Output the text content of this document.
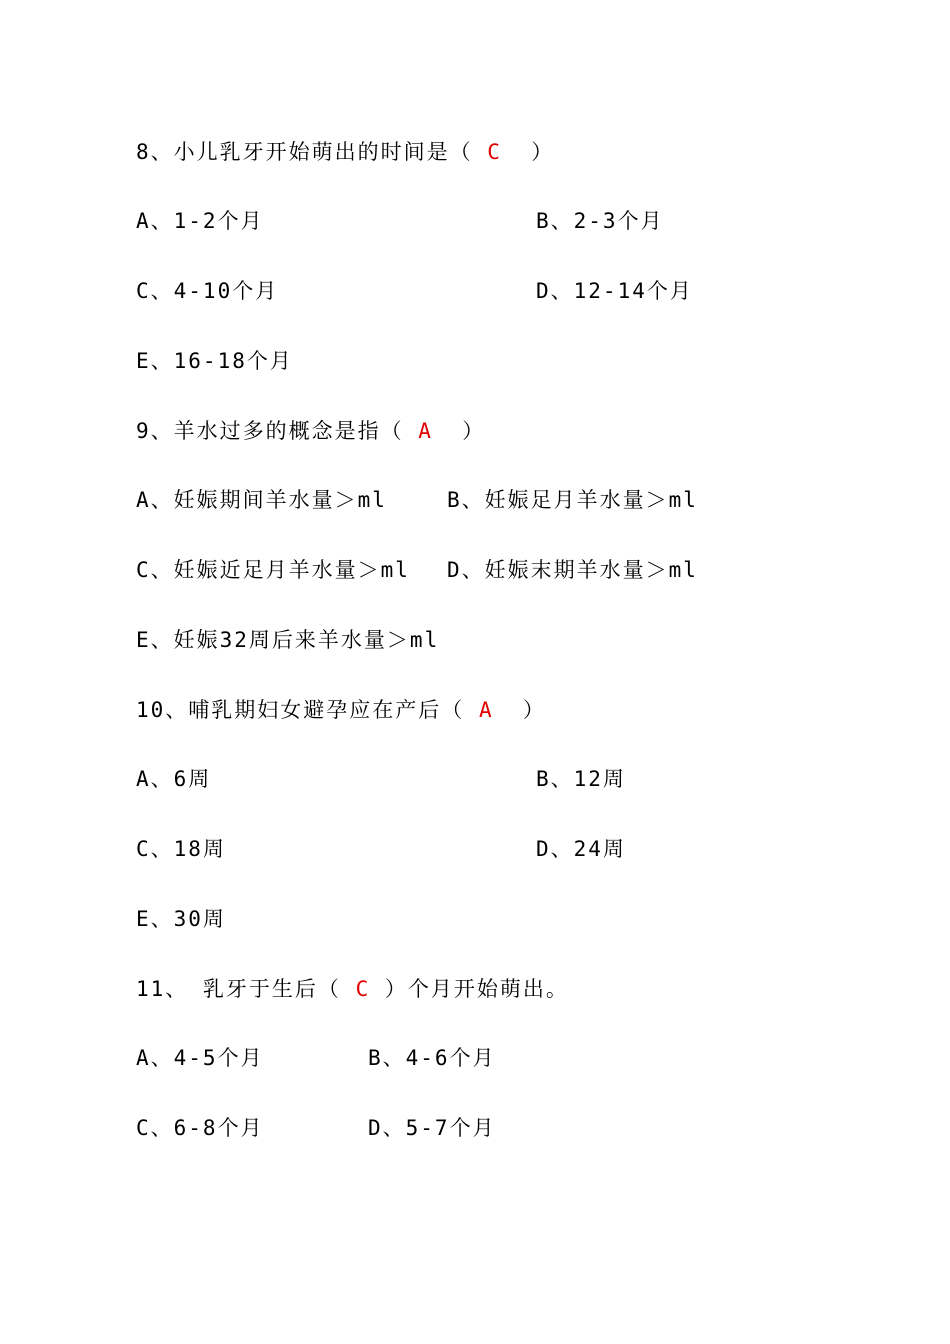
8、小儿乳牙开始萌出的时间是（ C  ）
A、1-2个月	B、2-3个月
C、4-10个月	D、12-14个月
E、16-18个月
9、羊水过多的概念是指（ A  ）
A、妊娠期间羊水量＞ml	B、妊娠足月羊水量＞ml
C、妊娠近足月羊水量＞ml D、妊娠末期羊水量＞ml
E、妊娠32周后来羊水量＞ml
10、哺乳期妇女避孕应在产后（ A  ）
A、6周	B、12周
C、18周	D、24周
E、30周
11、 乳牙于生后（ C ）个月开始萌出。
A、4-5个月	B、4-6个月
C、6-8个月	D、5-7个月
